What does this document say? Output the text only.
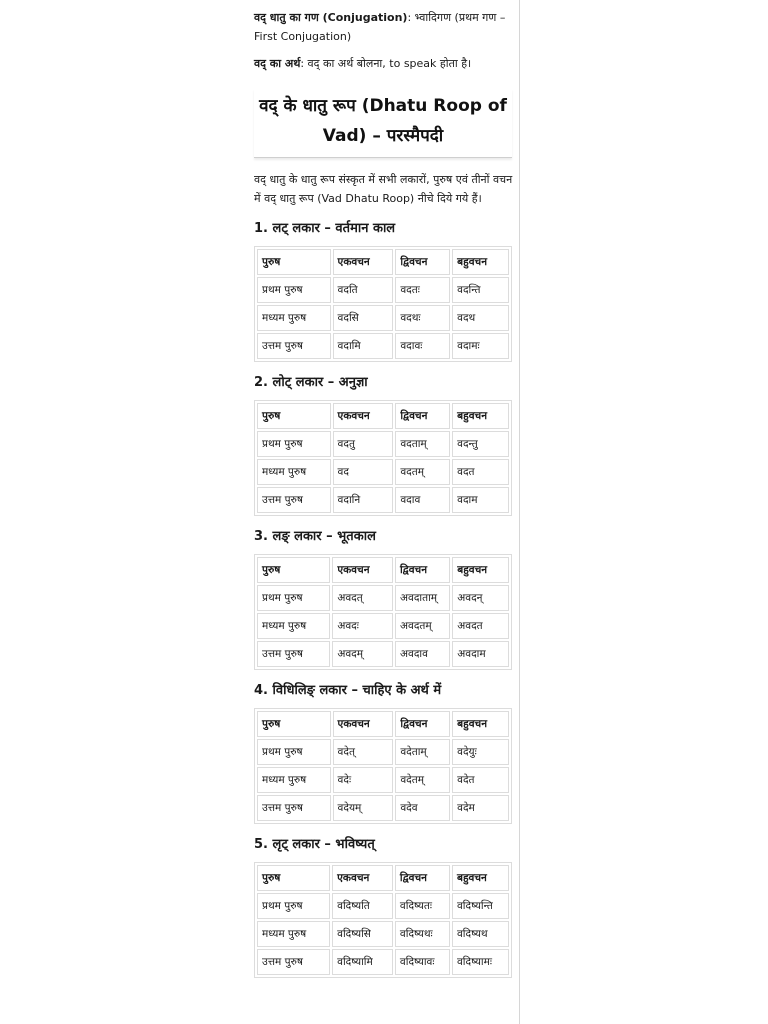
वद् धातु का गण (Conjugation): भ्वादिगण (प्रथम गण – First Conjugation)

वद् का अर्थ: वद् का अर्थ बोलना, to speak होता है।

वद् के धातु रूप (Dhatu Roop of Vad) – परस्मैपदी

वद् धातु के धातु रूप संस्कृत में सभी लकारों, पुरुष एवं तीनों वचन में वद् धातु रूप (Vad Dhatu Roop) नीचे दिये गये हैं।

1. लट् लकार – वर्तमान काल
पुरुष	एकवचन	द्विवचन	बहुवचन
प्रथम पुरुष	वदति	वदतः	वदन्ति
मध्यम पुरुष	वदसि	वदथः	वदथ
उत्तम पुरुष	वदामि	वदावः	वदामः
2. लोट् लकार – अनुज्ञा
पुरुष	एकवचन	द्विवचन	बहुवचन
प्रथम पुरुष	वदतु	वदताम्	वदन्तु
मध्यम पुरुष	वद	वदतम्	वदत
उत्तम पुरुष	वदानि	वदाव	वदाम
3. लङ् लकार – भूतकाल
पुरुष	एकवचन	द्विवचन	बहुवचन
प्रथम पुरुष	अवदत्	अवदाताम्	अवदन्
मध्यम पुरुष	अवदः	अवदतम्	अवदत
उत्तम पुरुष	अवदम्	अवदाव	अवदाम
4. विधिलिङ् लकार – चाहिए के अर्थ में
पुरुष	एकवचन	द्विवचन	बहुवचन
प्रथम पुरुष	वदेत्	वदेताम्	वदेयुः
मध्यम पुरुष	वदेः	वदेतम्	वदेत
उत्तम पुरुष	वदेयम्	वदेव	वदेम
5. लृट् लकार – भविष्यत्
पुरुष	एकवचन	द्विवचन	बहुवचन
प्रथम पुरुष	वदिष्यति	वदिष्यतः	वदिष्यन्ति
मध्यम पुरुष	वदिष्यसि	वदिष्यथः	वदिष्यथ
उत्तम पुरुष	वदिष्यामि	वदिष्यावः	वदिष्यामः
